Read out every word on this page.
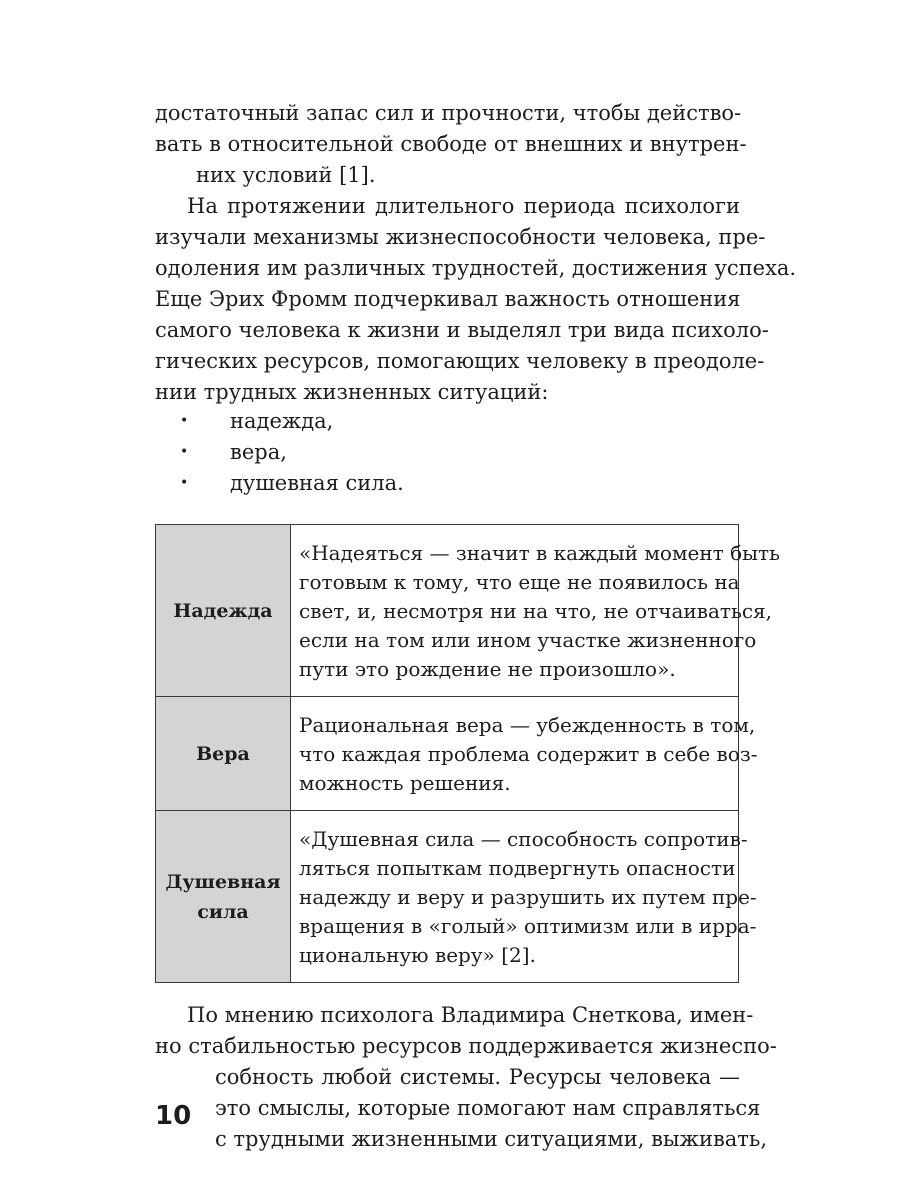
достаточный запас сил и прочности, чтобы действо-
вать в относительной свободе от внешних и внутрен-
них условий [1].
На протяжении длительного периода психологи
изучали механизмы жизнеспособности человека, пре-
одоления им различных трудностей, достижения успеха.
Еще Эрих Фромм подчеркивал важность отношения
самого человека к жизни и выделял три вида психоло-
гических ресурсов, помогающих человеку в преодоле-
нии трудных жизненных ситуаций:
• надежда,
• вера,
• душевная сила.
Надежда	«Надеяться — значит в каждый момент быть
готовым к тому, что еще не появилось на
свет, и, несмотря ни на что, не отчаиваться,
если на том или ином участке жизненного
пути это рождение не произошло».

Вера	Рациональная вера — убежденность в том,
что каждая проблема содержит в себе воз-
можность решения.

Душевная
сила	«Душевная сила — способность сопротив-
ляться попыткам подвергнуть опасности
надежду и веру и разрушить их путем пре-
вращения в «голый» оптимизм или в ирра-
циональную веру» [2].
По мнению психолога Владимира Снеткова, имен-
но стабильностью ресурсов поддерживается жизнеспо-
собность любой системы. Ресурсы человека —
это смыслы, которые помогают нам справляться
с трудными жизненными ситуациями, выживать,
10
